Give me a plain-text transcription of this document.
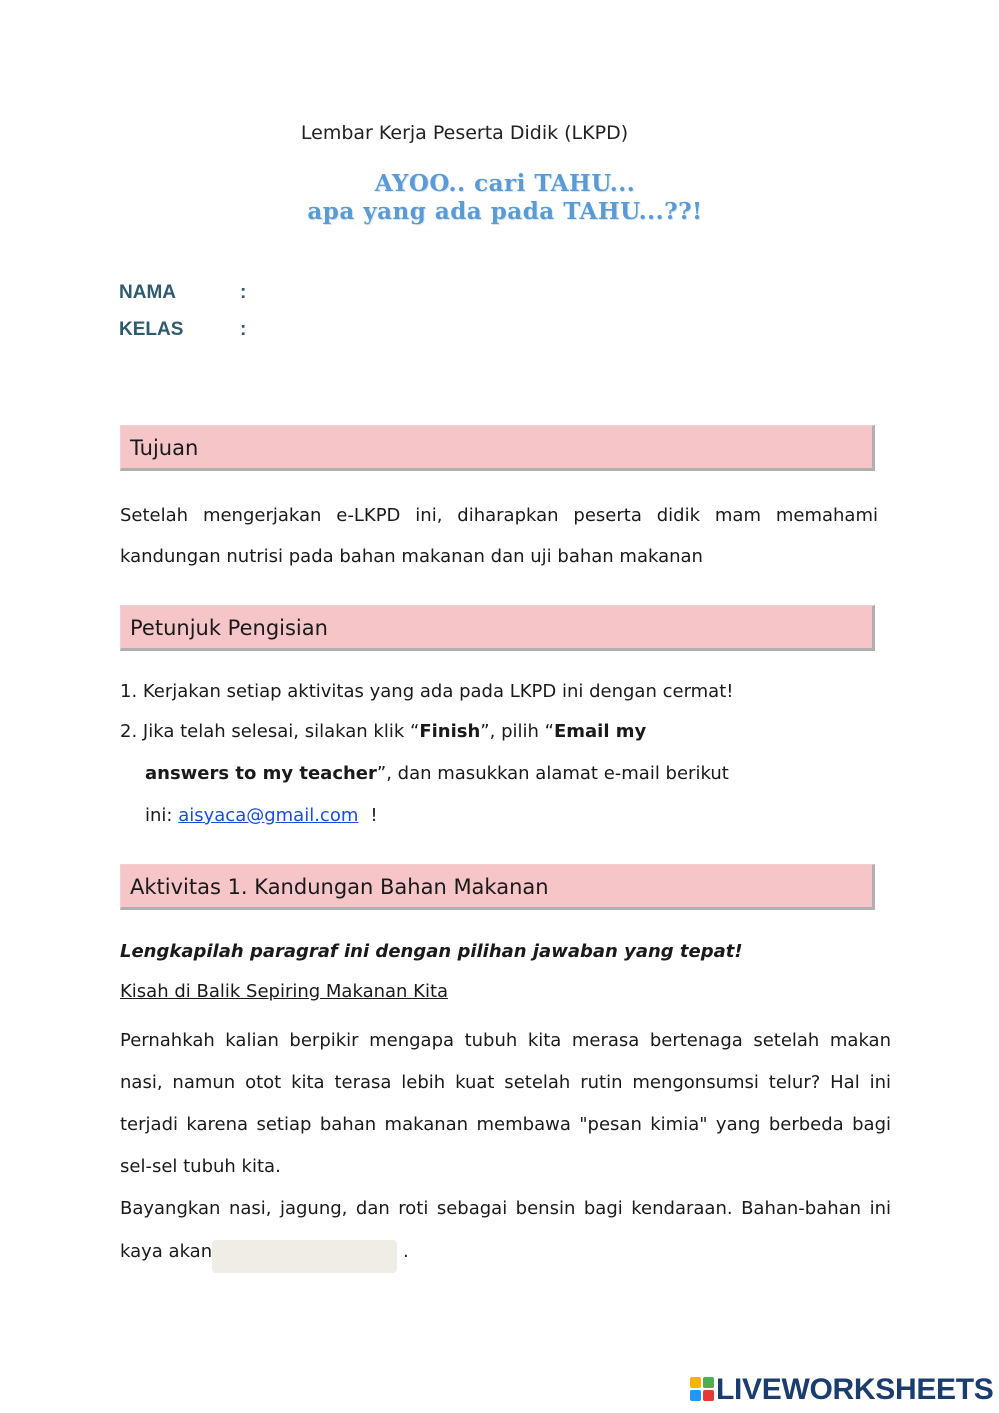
Lembar Kerja Peserta Didik (LKPD)
AYOO.. cari TAHU...
apa yang ada pada TAHU...??!
NAMA	:
KELAS	:
Tujuan
Setelah mengerjakan e-LKPD ini, diharapkan peserta didik mam memahami
kandungan nutrisi pada bahan makanan dan uji bahan makanan
Petunjuk Pengisian
1. Kerjakan setiap aktivitas yang ada pada LKPD ini dengan cermat!
2. Jika telah selesai, silakan klik “Finish”, pilih “Email my
answers to my teacher”, dan masukkan alamat e-mail berikut
ini: aisyaca@gmail.com !
Aktivitas 1. Kandungan Bahan Makanan
Lengkapilah paragraf ini dengan pilihan jawaban yang tepat!
Kisah di Balik Sepiring Makanan Kita
Pernahkah kalian berpikir mengapa tubuh kita merasa bertenaga setelah makan
nasi, namun otot kita terasa lebih kuat setelah rutin mengonsumsi telur? Hal ini
terjadi karena setiap bahan makanan membawa "pesan kimia" yang berbeda bagi
sel-sel tubuh kita.
Bayangkan nasi, jagung, dan roti sebagai bensin bagi kendaraan. Bahan-bahan ini
kaya akan	.
LIVEWORKSHEETS
